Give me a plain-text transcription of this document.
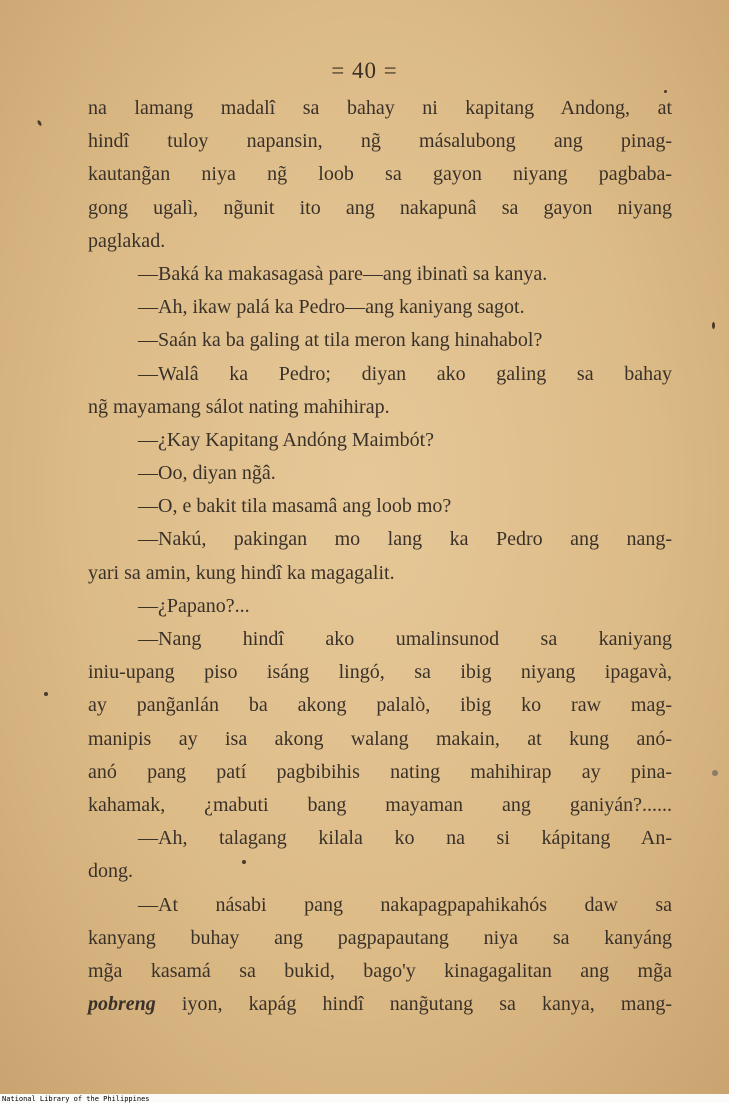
= 40 =
na lamang madalî sa bahay ni kapitang Andong, at
hindî tuloy napansin, ng̃ másalubong ang pinag-
kautang̃an niya ng̃ loob sa gayon niyang pagbaba-
gong ugalì, ng̃unit ito ang nakapunâ sa gayon niyang
paglakad.
—Baká ka makasagasà pare—ang ibinatì sa kanya.
—Ah, ikaw palá ka Pedro—ang kaniyang sagot.
—Saán ka ba galing at tila meron kang hinahabol?
—Walâ ka Pedro; diyan ako galing sa bahay
ng̃ mayamang sálot nating mahihirap.
—¿Kay Kapitang Andóng Maimbót?
—Oo, diyan ng̃â.
—O, e bakit tila masamâ ang loob mo?
—Nakú, pakingan mo lang ka Pedro ang nang-
yari sa amin, kung hindî ka magagalit.
—¿Papano?...
—Nang hindî ako umalinsunod sa kaniyang
iniu-upang piso isáng lingó, sa ibig niyang ipagavà,
ay pang̃anlán ba akong palalò, ibig ko raw mag-
manipis ay isa akong walang makain, at kung anó-
anó pang patí pagbibihis nating mahihirap ay pina-
kahamak, ¿mabuti bang mayaman ang ganiyán?......
—Ah, talagang kilala ko na si kápitang An-
dong.
—At násabi pang nakapagpapahikahós daw sa
kanyang buhay ang pagpapautang niya sa kanyáng
mg̃a kasamá sa bukid, bago'y kinagagalitan ang mg̃a
pobreng iyon, kapág hindî nang̃utang sa kanya, mang-
National Library of the Philippines
